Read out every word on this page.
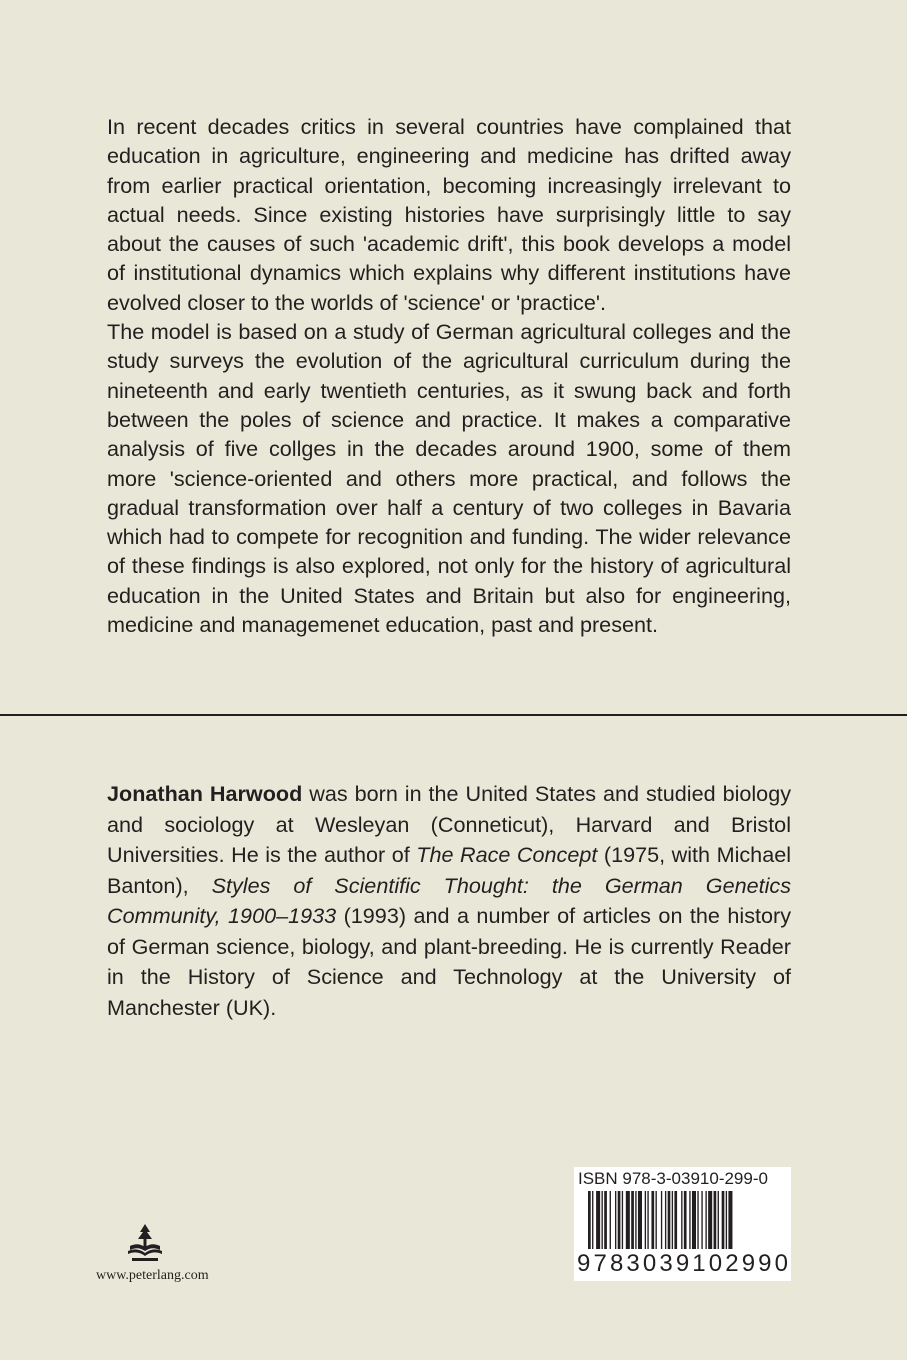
In recent decades critics in several countries have complained that education in agriculture, engineering and medicine has drifted away from earlier practical orientation, becoming increasingly irrelevant to actual needs. Since existing histories have surprisingly little to say about the causes of such 'academic drift', this book develops a model of institutional dynamics which explains why different institutions have evolved closer to the worlds of 'science' or 'practice'.

The model is based on a study of German agricultural colleges and the study surveys the evolution of the agricultural curriculum during the nineteenth and early twentieth centuries, as it swung back and forth between the poles of science and practice. It makes a comparative analysis of five collges in the decades around 1900, some of them more 'science-oriented and others more practical, and follows the gradual transformation over half a century of two colleges in Bavaria which had to compete for recognition and funding. The wider relevance of these findings is also explored, not only for the history of agricultural education in the United States and Britain but also for engineering, medicine and managemenet education, past and present.

Jonathan Harwood was born in the United States and studied biology and sociology at Wesleyan (Conneticut), Harvard and Bristol Universities. He is the author of The Race Concept (1975, with Michael Banton), Styles of Scientific Thought: the German Genetics Community, 1900–1933 (1993) and a number of articles on the history of German science, biology, and plant-breeding. He is currently Reader in the History of Science and Technology at the University of Manchester (UK).

www.peterlang.com
ISBN 978-3-03910-299-0
9 7 8 3 0 3 9 1 0 2 9 9 0
